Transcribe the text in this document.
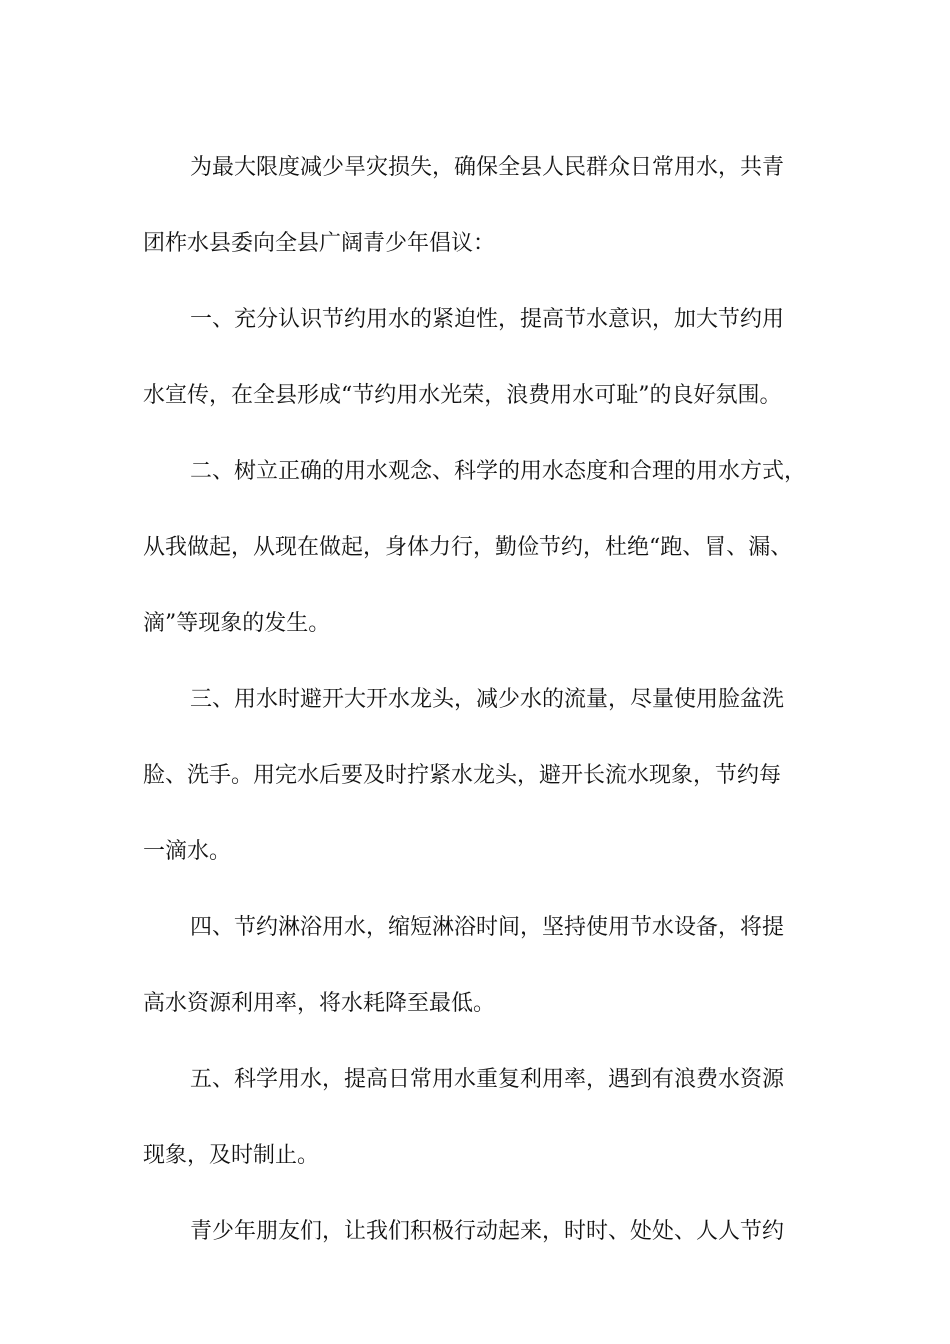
为最大限度减少旱灾损失，确保全县人民群众日常用水，共青
团柞水县委向全县广阔青少年倡议：
一、充分认识节约用水的紧迫性，提高节水意识，加大节约用
水宣传，在全县形成“节约用水光荣，浪费用水可耻”的良好氛围。
二、树立正确的用水观念、科学的用水态度和合理的用水方式，
从我做起，从现在做起，身体力行，勤俭节约，杜绝“跑、冒、漏、
滴”等现象的发生。
三、用水时避开大开水龙头，减少水的流量，尽量使用脸盆洗
脸、洗手。用完水后要及时拧紧水龙头，避开长流水现象，节约每
一滴水。
四、节约淋浴用水，缩短淋浴时间，坚持使用节水设备，将提
高水资源利用率，将水耗降至最低。
五、科学用水，提高日常用水重复利用率，遇到有浪费水资源
现象，及时制止。
青少年朋友们，让我们积极行动起来，时时、处处、人人节约
